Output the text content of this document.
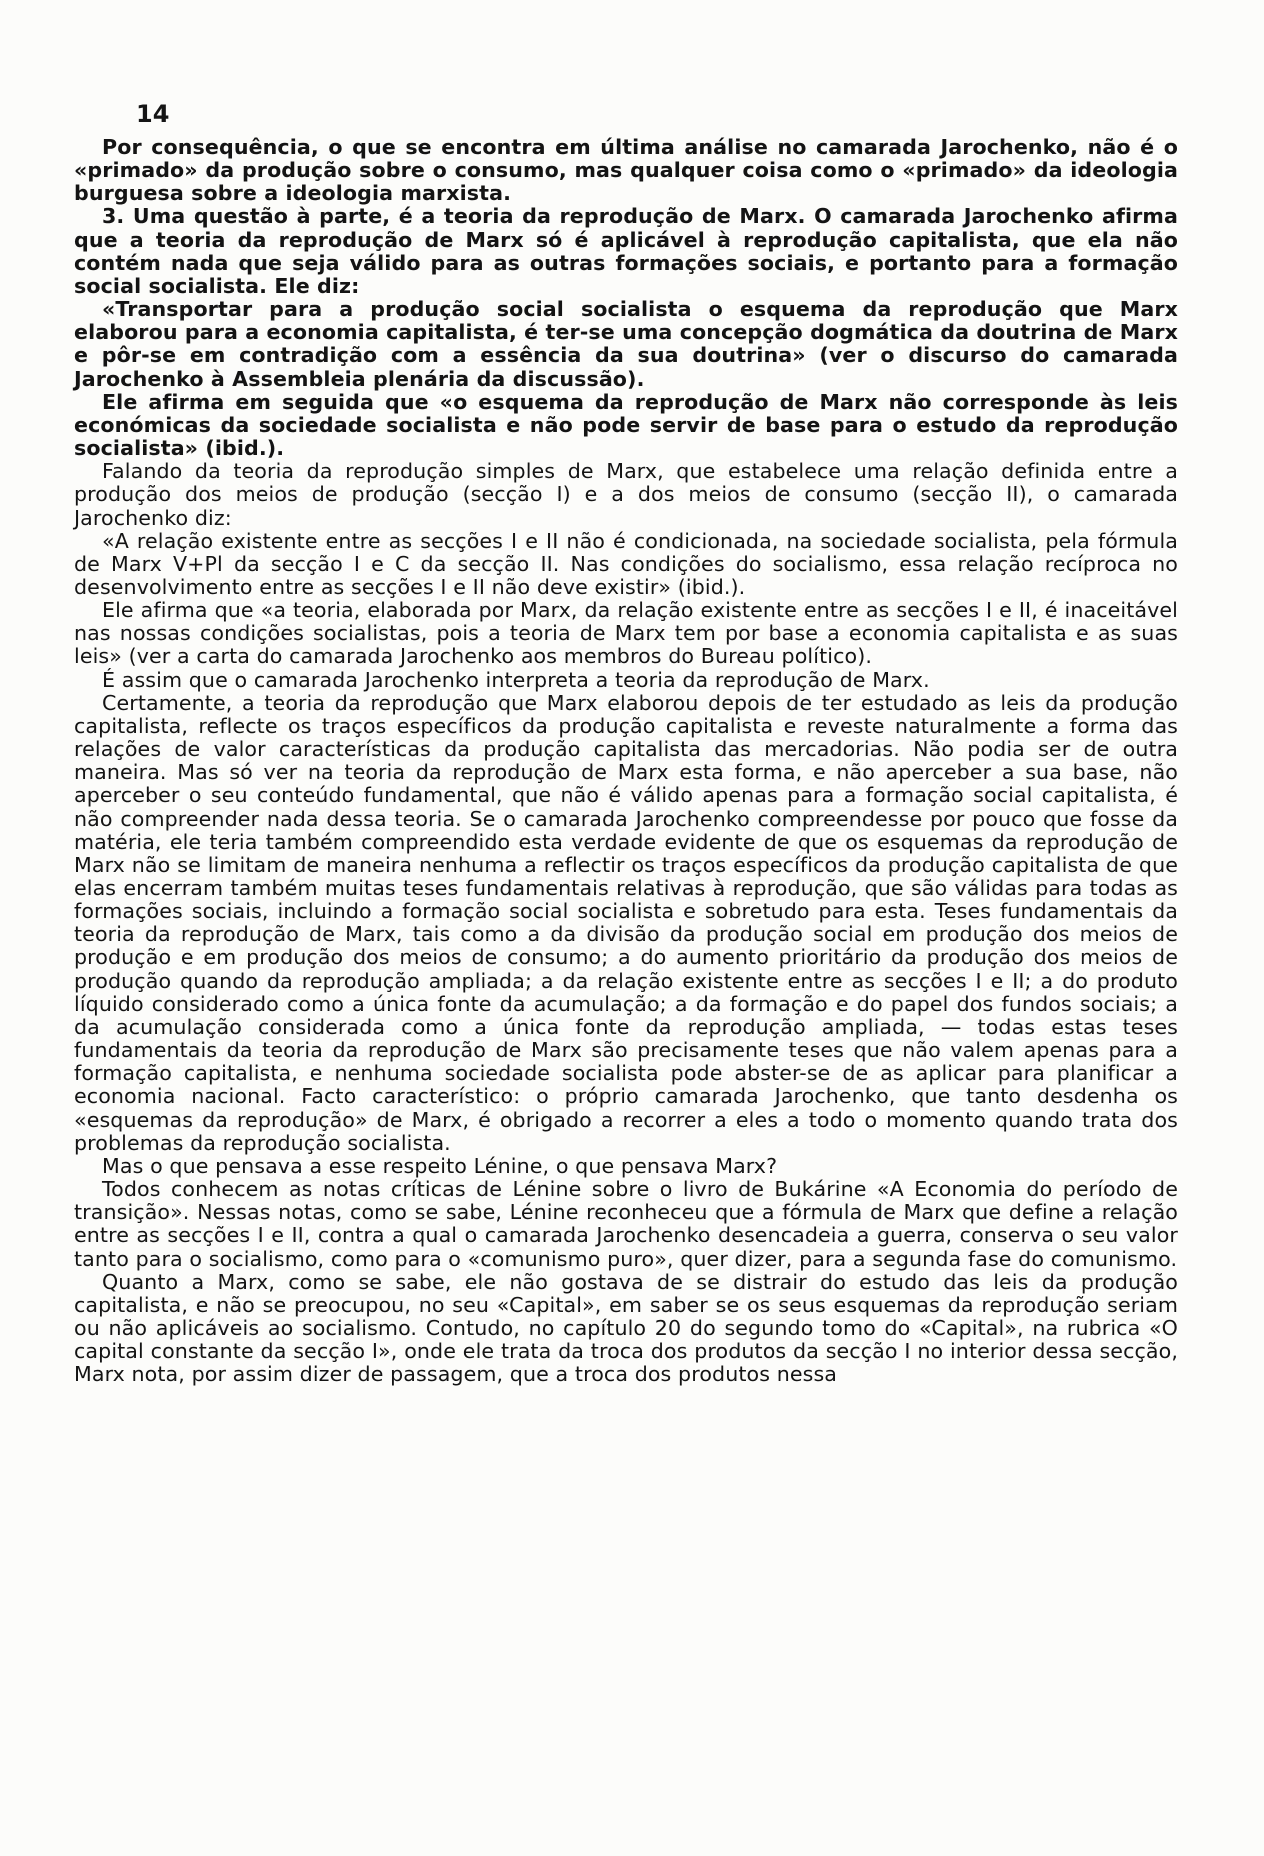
14

Por consequência, o que se encontra em última análise no camarada Jarochenko, não é o «primado» da produção sobre o consumo, mas qualquer coisa como o «primado» da ideologia burguesa sobre a ideologia marxista.

3. Uma questão à parte, é a teoria da reprodução de Marx. O camarada Jarochenko afirma que a teoria da reprodução de Marx só é aplicável à reprodução capitalista, que ela não contém nada que seja válido para as outras formações sociais, e portanto para a formação social socialista. Ele diz:

«Transportar para a produção social socialista o esquema da reprodução que Marx elaborou para a economia capitalista, é ter-se uma concepção dogmática da doutrina de Marx e pôr-se em contradição com a essência da sua doutrina» (ver o discurso do camarada Jarochenko à Assembleia plenária da discussão).

Ele afirma em seguida que «o esquema da reprodução de Marx não corresponde às leis económicas da sociedade socialista e não pode servir de base para o estudo da reprodução socialista» (ibid.).

Falando da teoria da reprodução simples de Marx, que estabelece uma relação definida entre a produção dos meios de produção (secção I) e a dos meios de consumo (secção II), o camarada Jarochenko diz:

«A relação existente entre as secções I e II não é condicionada, na sociedade socialista, pela fórmula de Marx V+Pl da secção I e C da secção II. Nas condições do socialismo, essa relação recíproca no desenvolvimento entre as secções I e II não deve existir» (ibid.).

Ele afirma que «a teoria, elaborada por Marx, da relação existente entre as secções I e II, é inaceitável nas nossas condições socialistas, pois a teoria de Marx tem por base a economia capitalista e as suas leis» (ver a carta do camarada Jarochenko aos membros do Bureau político).

É assim que o camarada Jarochenko interpreta a teoria da reprodução de Marx.

Certamente, a teoria da reprodução que Marx elaborou depois de ter estudado as leis da produção capitalista, reflecte os traços específicos da produção capitalista e reveste naturalmente a forma das relações de valor características da produção capitalista das mercadorias. Não podia ser de outra maneira. Mas só ver na teoria da reprodução de Marx esta forma, e não aperceber a sua base, não aperceber o seu conteúdo fundamental, que não é válido apenas para a formação social capitalista, é não compreender nada dessa teoria. Se o camarada Jarochenko compreendesse por pouco que fosse da matéria, ele teria também compreendido esta verdade evidente de que os esquemas da reprodução de Marx não se limitam de maneira nenhuma a reflectir os traços específicos da produção capitalista de que elas encerram também muitas teses fundamentais relativas à reprodução, que são válidas para todas as formações sociais, incluindo a formação social socialista e sobretudo para esta. Teses fundamentais da teoria da reprodução de Marx, tais como a da divisão da produção social em produção dos meios de produção e em produção dos meios de consumo; a do aumento prioritário da produção dos meios de produção quando da reprodução ampliada; a da relação existente entre as secções I e II; a do produto líquido considerado como a única fonte da acumulação; a da formação e do papel dos fundos sociais; a da acumulação considerada como a única fonte da reprodução ampliada, — todas estas teses fundamentais da teoria da reprodução de Marx são precisamente teses que não valem apenas para a formação capitalista, e nenhuma sociedade socialista pode abster-se de as aplicar para planificar a economia nacional. Facto característico: o próprio camarada Jarochenko, que tanto desdenha os «esquemas da reprodução» de Marx, é obrigado a recorrer a eles a todo o momento quando trata dos problemas da reprodução socialista.

Mas o que pensava a esse respeito Lénine, o que pensava Marx?

Todos conhecem as notas críticas de Lénine sobre o livro de Bukárine «A Economia do período de transição». Nessas notas, como se sabe, Lénine reconheceu que a fórmula de Marx que define a relação entre as secções I e II, contra a qual o camarada Jarochenko desencadeia a guerra, conserva o seu valor tanto para o socialismo, como para o «comunismo puro», quer dizer, para a segunda fase do comunismo.

Quanto a Marx, como se sabe, ele não gostava de se distrair do estudo das leis da produção capitalista, e não se preocupou, no seu «Capital», em saber se os seus esquemas da reprodução seriam ou não aplicáveis ao socialismo. Contudo, no capítulo 20 do segundo tomo do «Capital», na rubrica «O capital constante da secção I», onde ele trata da troca dos produtos da secção I no interior dessa secção, Marx nota, por assim dizer de passagem, que a troca dos produtos nessa
